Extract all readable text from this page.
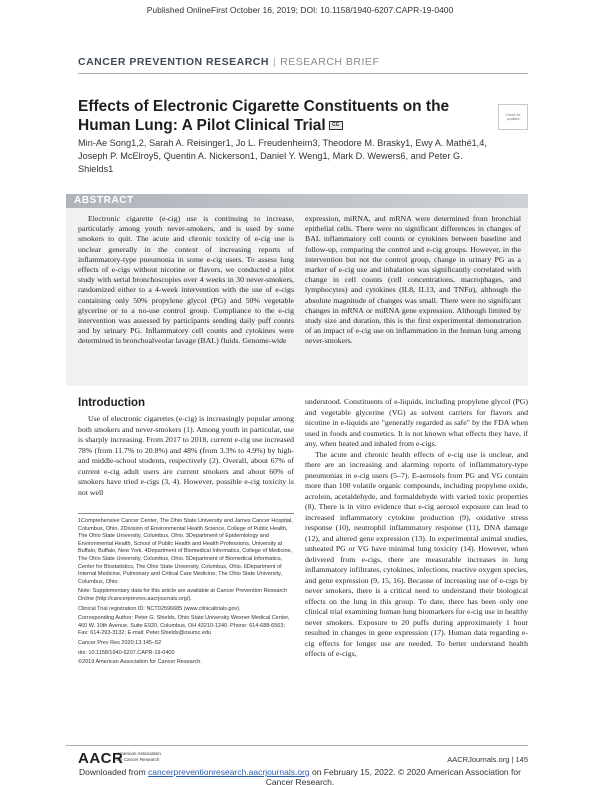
Published OnlineFirst October 16, 2019; DOI: 10.1158/1940-6207.CAPR-19-0400
CANCER PREVENTION RESEARCH | RESEARCH BRIEF
Effects of Electronic Cigarette Constituents on the Human Lung: A Pilot Clinical Trial CC
Check for updates
Min-Ae Song1,2, Sarah A. Reisinger1, Jo L. Freudenheim3, Theodore M. Brasky1, Ewy A. Mathé1,4, Joseph P. McElroy5, Quentin A. Nickerson1, Daniel Y. Weng1, Mark D. Wewers6, and Peter G. Shields1
ABSTRACT
Electronic cigarette (e-cig) use is continuing to increase, particularly among youth never-smokers, and is used by some smokers to quit. The acute and chronic toxicity of e-cig use is unclear generally in the context of increasing reports of inflammatory-type pneumonia in some e-cig users. To assess lung effects of e-cigs without nicotine or flavors, we conducted a pilot study with serial bronchoscopies over 4 weeks in 30 never-smokers, randomized either to a 4-week intervention with the use of e-cigs containing only 50% propylene glycol (PG) and 50% vegetable glycerine or to a no-use control group. Compliance to the e-cig intervention was assessed by participants sending daily puff counts and by urinary PG. Inflammatory cell counts and cytokines were determined in bronchoalveolar lavage (BAL) fluids. Genome-wide
expression, miRNA, and mRNA were determined from bronchial epithelial cells. There were no significant differences in changes of BAL inflammatory cell counts or cytokines between baseline and follow-up, comparing the control and e-cig groups. However, in the intervention but not the control group, change in urinary PG as a marker of e-cig use and inhalation was significantly correlated with change in cell counts (cell concentrations, macrophages, and lymphocytes) and cytokines (IL8, IL13, and TNFα), although the absolute magnitude of changes was small. There were no significant changes in mRNA or miRNA gene expression. Although limited by study size and duration, this is the first experimental demonstration of an impact of e-cig use on inflammation in the human lung among never-smokers.
Introduction
Use of electronic cigarettes (e-cig) is increasingly popular among both smokers and never-smokers (1). Among youth in particular, use is sharply increasing. From 2017 to 2018, current e-cig use increased 78% (from 11.7% to 20.8%) and 48% (from 3.3% to 4.9%) by high- and middle-school students, respectively (2). Overall, about 67% of current e-cig adult users are current smokers and about 60% of smokers have tried e-cigs (3, 4). However, possible e-cig toxicity is not well

understood. Constituents of e-liquids, including propylene glycol (PG) and vegetable glycerine (VG) as solvent carriers for flavors and nicotine in e-liquids are "generally regarded as safe" by the FDA when used in foods and cosmetics. It is not known what effects they have, if any, when heated and inhaled from e-cigs.

The acute and chronic health effects of e-cig use is unclear, and there are an increasing and alarming reports of inflammatory-type pneumonias in e-cig users (5–7). E-aerosols from PG and VG contain more than 100 volatile organic compounds, including propylene oxide, acrolein, acetaldehyde, and formaldehyde with varied toxic properties (8). There is in vitro evidence that e-cig aerosol exposure can lead to increased inflammatory cytokine production (9), oxidative stress response (10), neutrophil inflammatory response (11), DNA damage (12), and altered gene expression (13). In experimental animal studies, unheated PG or VG have minimal lung toxicity (14). However, when delivered from e-cigs, there are measurable increases in lung inflammatory infiltrates, cytokines, infections, reactive oxygen species, and gene expression (9, 15, 16). Because of increasing use of e-cigs by never smokers, there is a critical need to understand their biological effects on the lung in this group. To date, there has been only one clinical trial examining human lung biomarkers for e-cig use in healthy never smokers. Exposure to 20 puffs during approximately 1 hour resulted in changes in gene expression (17). Human data regarding e-cig effects for longer use are needed. To better understand health effects of e-cigs,

1Comprehensive Cancer Center, The Ohio State University and James Cancer Hospital, Columbus, Ohio. 2Division of Environmental Health Science, College of Public Health, The Ohio State University, Columbus, Ohio. 3Department of Epidemiology and Environmental Health, School of Public Health and Health Professions, University at Buffalo, Buffalo, New York. 4Department of Biomedical Informatics, College of Medicine, The Ohio State University, Columbus, Ohio. 5Department of Biomedical Informatics, Center for Biostatistics, The Ohio State University, Columbus, Ohio. 6Department of Internal Medicine, Pulmonary and Critical Care Medicine, The Ohio State University, Columbus, Ohio.

Note: Supplementary data for this article are available at Cancer Prevention Research Online (http://cancerprevres.aacrjournals.org/).

Clinical Trial registration ID: NCT02596685 (www.clinicaltrials.gov).

Corresponding Author: Peter G. Shields, Ohio State University Wexner Medical Center, 460 W. 10th Avenue, Suite E920, Columbus, OH 43210-1240. Phone: 614-688-6563; Fax: 614-293-3132; E-mail: Peter.Shields@osumc.edu

Cancer Prev Res 2020;13:145–52

doi: 10.1158/1940-6207.CAPR-19-0400

©2019 American Association for Cancer Research.

AACR
American Association
for Cancer Research	AACRJournals.org | 145
Downloaded from cancerpreventionresearch.aacrjournals.org on February 15, 2022. © 2020 American Association for
Cancer Research.
